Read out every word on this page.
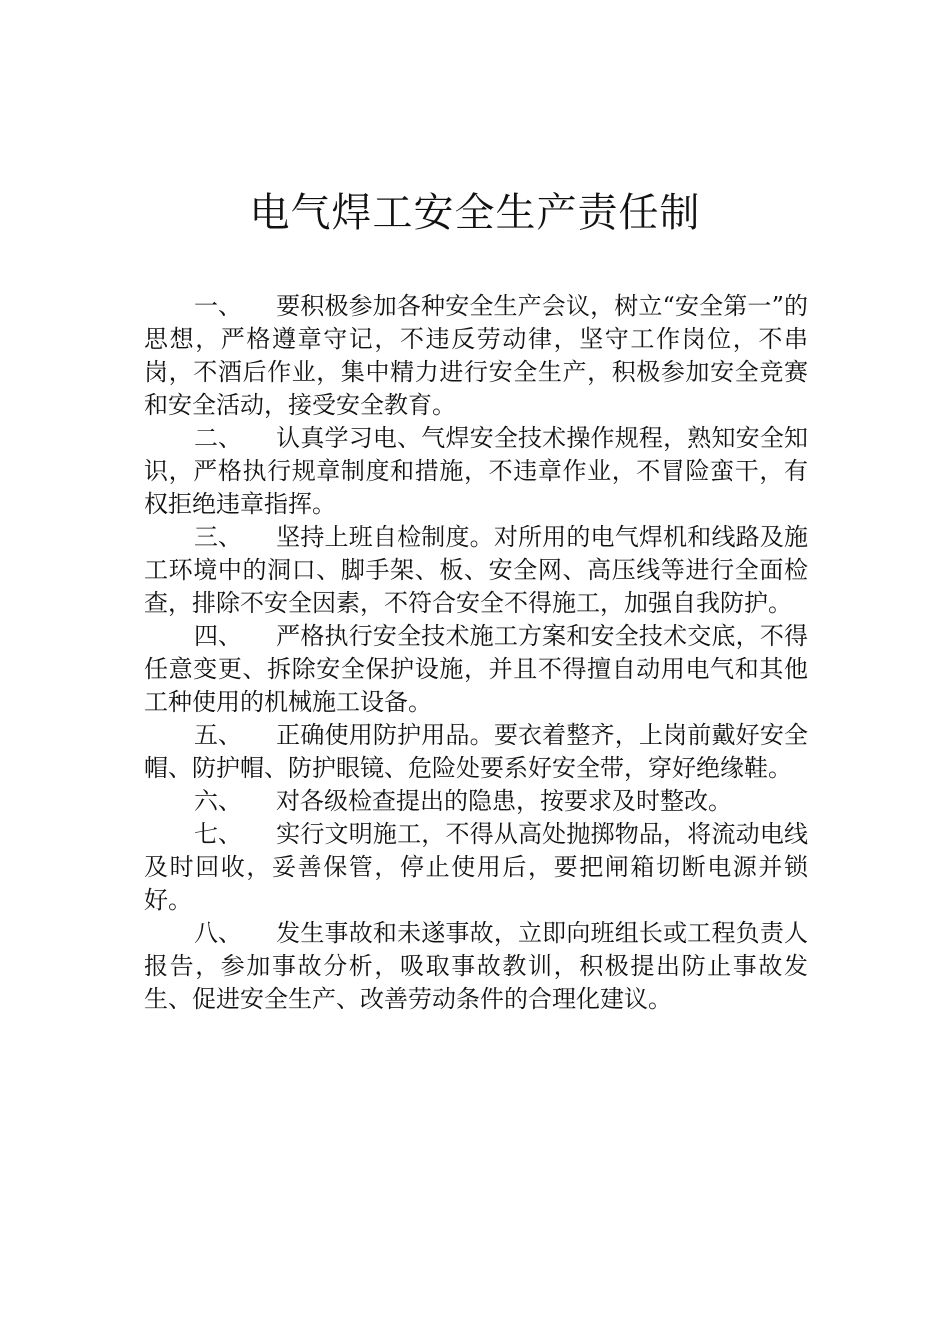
电气焊工安全生产责任制

一、 要积极参加各种安全生产会议，树立“安全第一”的思想，严格遵章守记，不违反劳动律，坚守工作岗位，不串岗，不酒后作业，集中精力进行安全生产，积极参加安全竞赛和安全活动，接受安全教育。

二、 认真学习电、气焊安全技术操作规程，熟知安全知识，严格执行规章制度和措施，不违章作业，不冒险蛮干，有权拒绝违章指挥。

三、 坚持上班自检制度。对所用的电气焊机和线路及施工环境中的洞口、脚手架、板、安全网、高压线等进行全面检查，排除不安全因素，不符合安全不得施工，加强自我防护。

四、 严格执行安全技术施工方案和安全技术交底，不得任意变更、拆除安全保护设施，并且不得擅自动用电气和其他工种使用的机械施工设备。

五、 正确使用防护用品。要衣着整齐，上岗前戴好安全帽、防护帽、防护眼镜、危险处要系好安全带，穿好绝缘鞋。

六、 对各级检查提出的隐患，按要求及时整改。

七、 实行文明施工，不得从高处抛掷物品，将流动电线及时回收，妥善保管，停止使用后，要把闸箱切断电源并锁好。

八、 发生事故和未遂事故，立即向班组长或工程负责人报告，参加事故分析，吸取事故教训，积极提出防止事故发生、促进安全生产、改善劳动条件的合理化建议。
